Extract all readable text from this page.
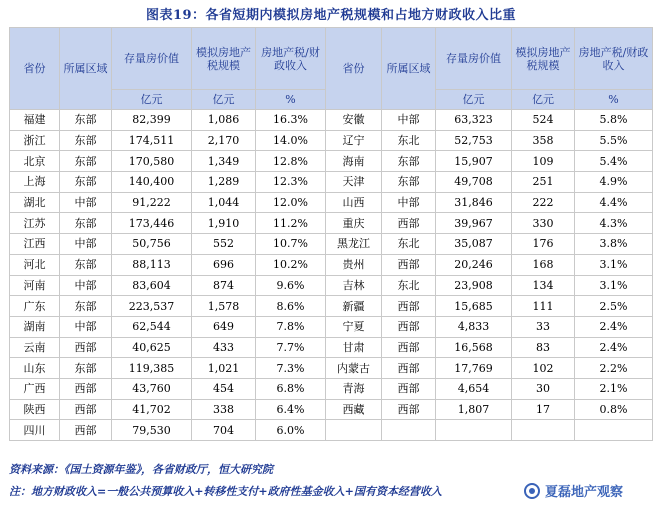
图表19：各省短期内模拟房地产税规模和占地方财政收入比重
省份	所属区域	存量房价值	模拟房地产税规模	房地产税/财政收入	省份	所属区域	存量房价值	模拟房地产税规模	房地产税/财政收入

		亿元	亿元	%			亿元	亿元	%
福建	东部	82,399	1,086	16.3%	安徽	中部	63,323	524	5.8%
浙江	东部	174,511	2,170	14.0%	辽宁	东北	52,753	358	5.5%
北京	东部	170,580	1,349	12.8%	海南	东部	15,907	109	5.4%
上海	东部	140,400	1,289	12.3%	天津	东部	49,708	251	4.9%
湖北	中部	91,222	1,044	12.0%	山西	中部	31,846	222	4.4%
江苏	东部	173,446	1,910	11.2%	重庆	西部	39,967	330	4.3%
江西	中部	50,756	552	10.7%	黑龙江	东北	35,087	176	3.8%
河北	东部	88,113	696	10.2%	贵州	西部	20,246	168	3.1%
河南	中部	83,604	874	9.6%	吉林	东北	23,908	134	3.1%
广东	东部	223,537	1,578	8.6%	新疆	西部	15,685	111	2.5%
湖南	中部	62,544	649	7.8%	宁夏	西部	4,833	33	2.4%
云南	西部	40,625	433	7.7%	甘肃	西部	16,568	83	2.4%
山东	东部	119,385	1,021	7.3%	内蒙古	西部	17,769	102	2.2%
广西	西部	43,760	454	6.8%	青海	西部	4,654	30	2.1%
陕西	西部	41,702	338	6.4%	西藏	西部	1,807	17	0.8%
四川	西部	79,530	704	6.0%					
资料来源：《国土资源年鉴》，各省财政厅，恒大研究院
注：地方财政收入=一般公共预算收入+转移性支付+政府性基金收入+国有资本经营收入	夏磊地产观察
